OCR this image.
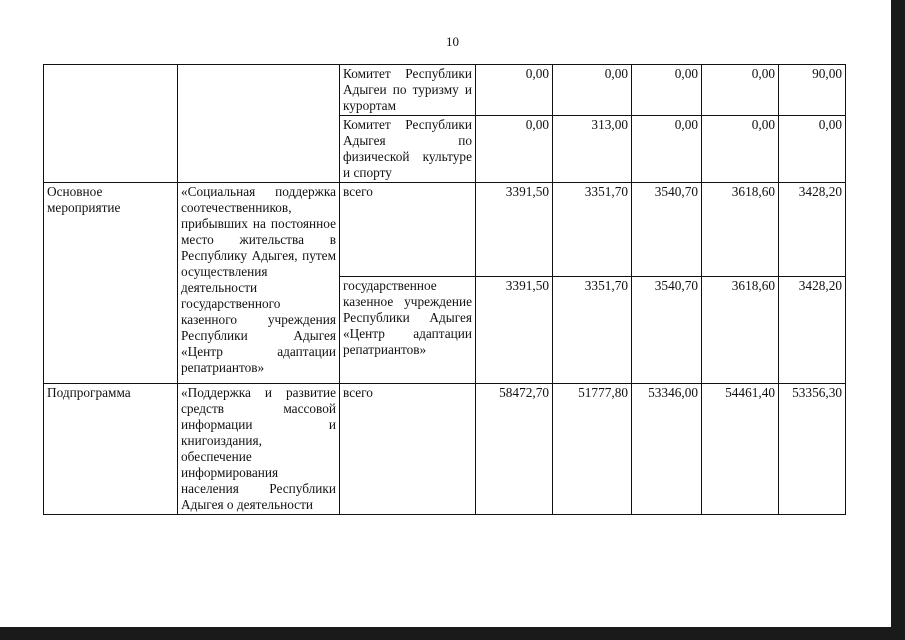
10
		Комитет Республики Адыгеи по туризму и курортам	0,00	0,00	0,00	0,00	90,00
		Комитет Республики Адыгея по физической культуре и спорту	0,00	313,00	0,00	0,00	0,00
Основное мероприятие	«Социальная поддержка соотечественников, прибывших на постоянное место жительства в Республику Адыгея, путем осуществления деятельности государственного казенного учреждения Республики Адыгея «Центр адаптации репатриантов»	всего	3391,50	3351,70	3540,70	3618,60	3428,20
		государственное казенное учреждение Республики Адыгея «Центр адаптации репатриантов»	3391,50	3351,70	3540,70	3618,60	3428,20
Подпрограмма	«Поддержка и развитие средств массовой информации и книгоиздания, обеспечение информирования населения Республики Адыгея о деятельности	всего	58472,70	51777,80	53346,00	54461,40	53356,30
